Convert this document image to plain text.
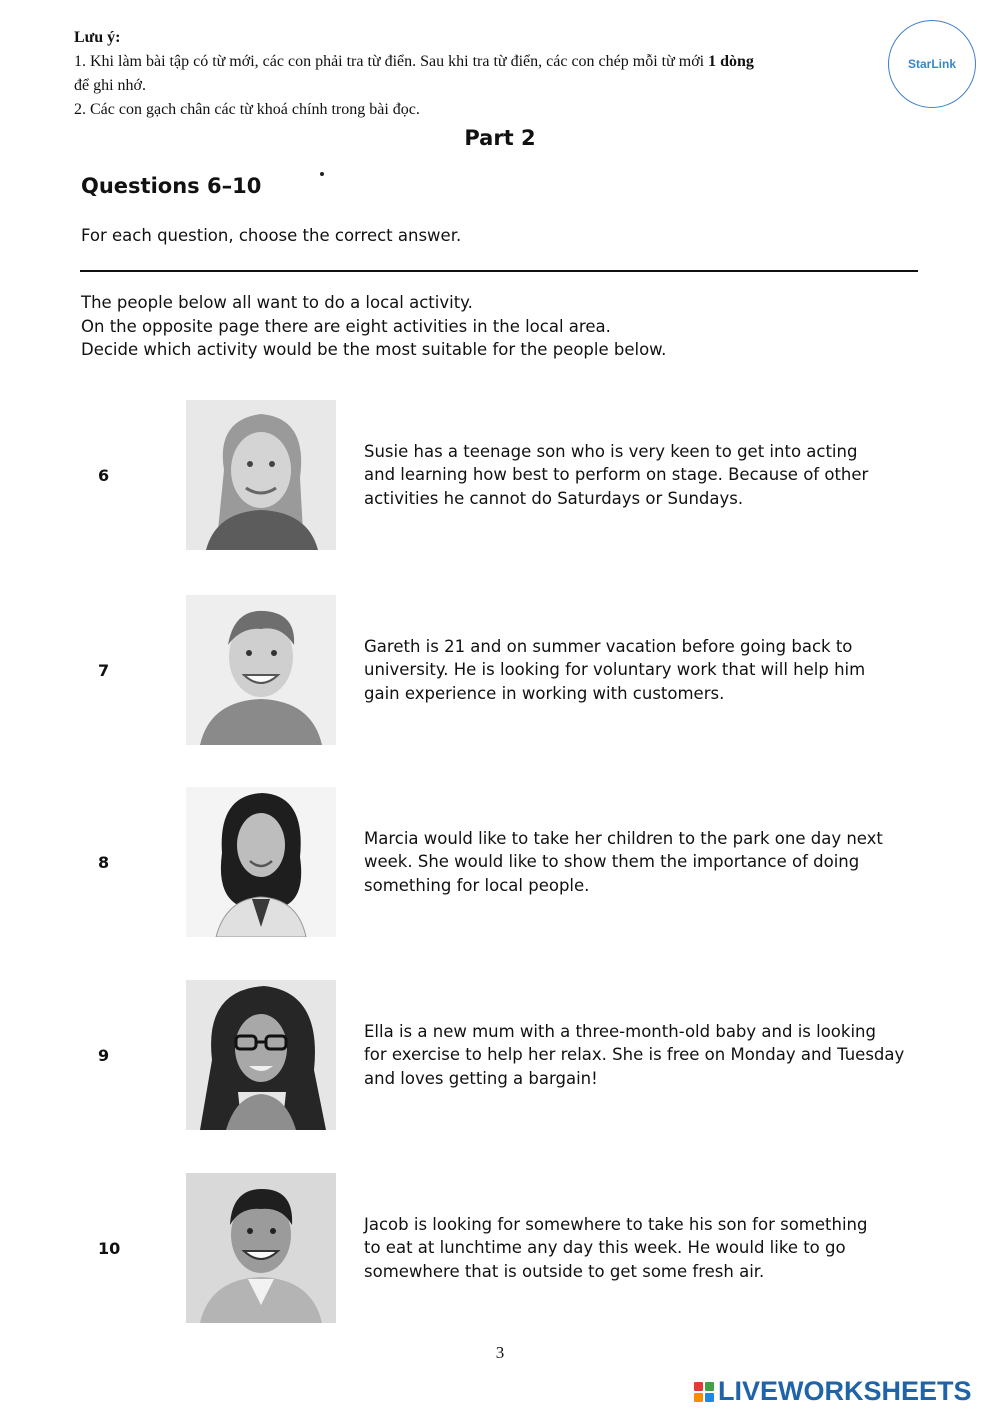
Lưu ý:
1. Khi làm bài tập có từ mới, các con phải tra từ điển. Sau khi tra từ điển, các con chép mỗi từ mới 1 dòng
để ghi nhớ.
2. Các con gạch chân các từ khoá chính trong bài đọc.
StarLink
Part 2
Questions 6–10
For each question, choose the correct answer.
The people below all want to do a local activity.
On the opposite page there are eight activities in the local area.
Decide which activity would be the most suitable for the people below.
6
Susie has a teenage son who is very keen to get into acting
and learning how best to perform on stage. Because of other
activities he cannot do Saturdays or Sundays.
7
Gareth is 21 and on summer vacation before going back to
university. He is looking for voluntary work that will help him
gain experience in working with customers.
8
Marcia would like to take her children to the park one day next
week. She would like to show them the importance of doing
something for local people.
9
Ella is a new mum with a three-month-old baby and is looking
for exercise to help her relax. She is free on Monday and Tuesday
and loves getting a bargain!
10
Jacob is looking for somewhere to take his son for something
to eat at lunchtime any day this week. He would like to go
somewhere that is outside to get some fresh air.
3
LIVEWORKSHEETS
